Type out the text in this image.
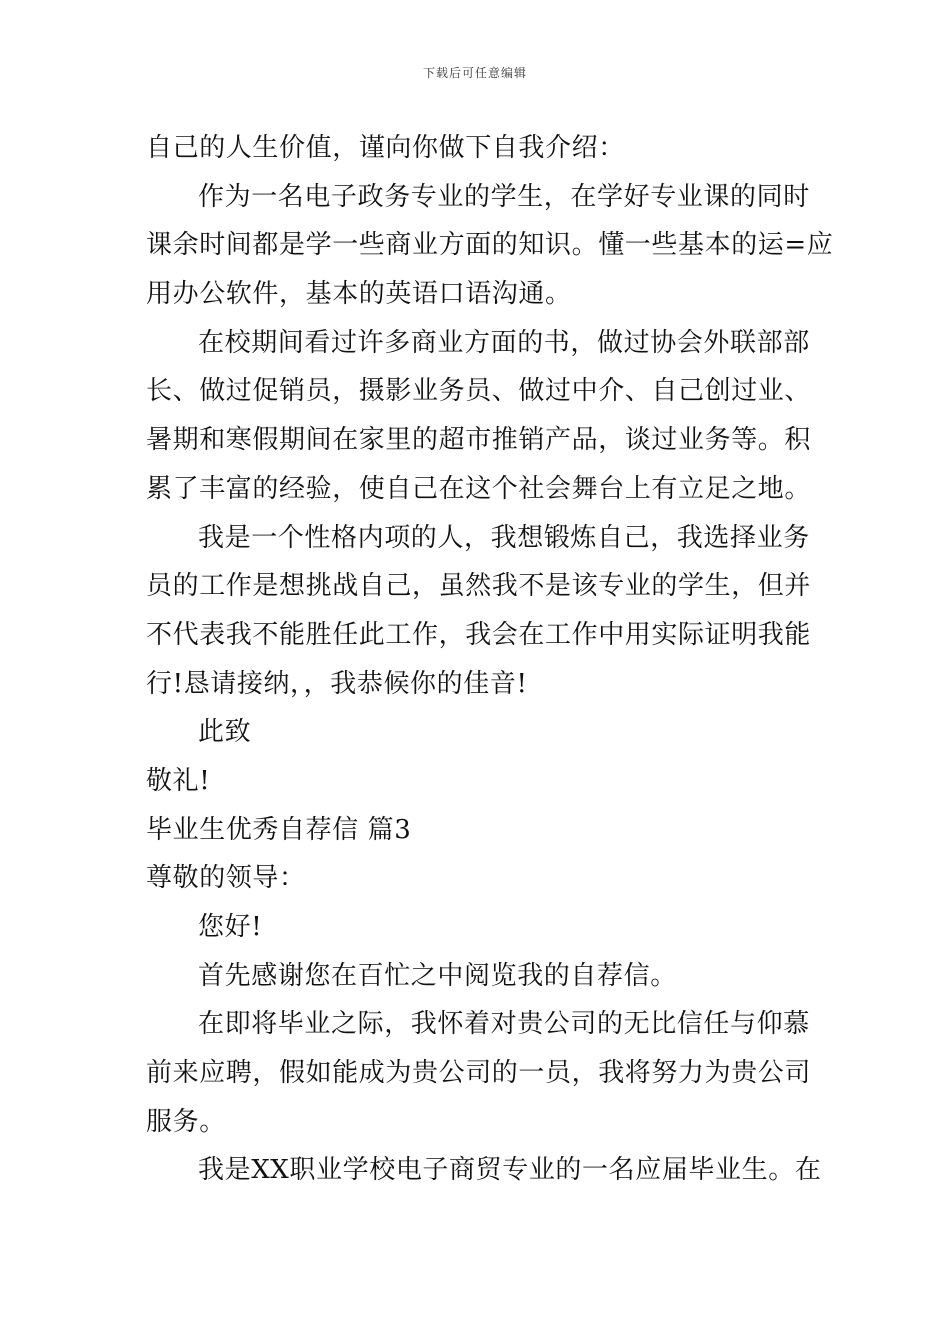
下载后可任意编辑
自己的人生价值，谨向你做下自我介绍：
作为一名电子政务专业的学生，在学好专业课的同时
课余时间都是学一些商业方面的知识。懂一些基本的运=应
用办公软件，基本的英语口语沟通。
在校期间看过许多商业方面的书，做过协会外联部部
长、做过促销员，摄影业务员、做过中介、自己创过业、
暑期和寒假期间在家里的超市推销产品，谈过业务等。积
累了丰富的经验，使自己在这个社会舞台上有立足之地。
我是一个性格内项的人，我想锻炼自己，我选择业务
员的工作是想挑战自己，虽然我不是该专业的学生，但并
不代表我不能胜任此工作，我会在工作中用实际证明我能
行!恳请接纳，，我恭候你的佳音!
此致
敬礼!
毕业生优秀自荐信 篇3
尊敬的领导：
您好!
首先感谢您在百忙之中阅览我的自荐信。
在即将毕业之际，我怀着对贵公司的无比信任与仰慕
前来应聘，假如能成为贵公司的一员，我将努力为贵公司
服务。
我是XX职业学校电子商贸专业的一名应届毕业生。在
